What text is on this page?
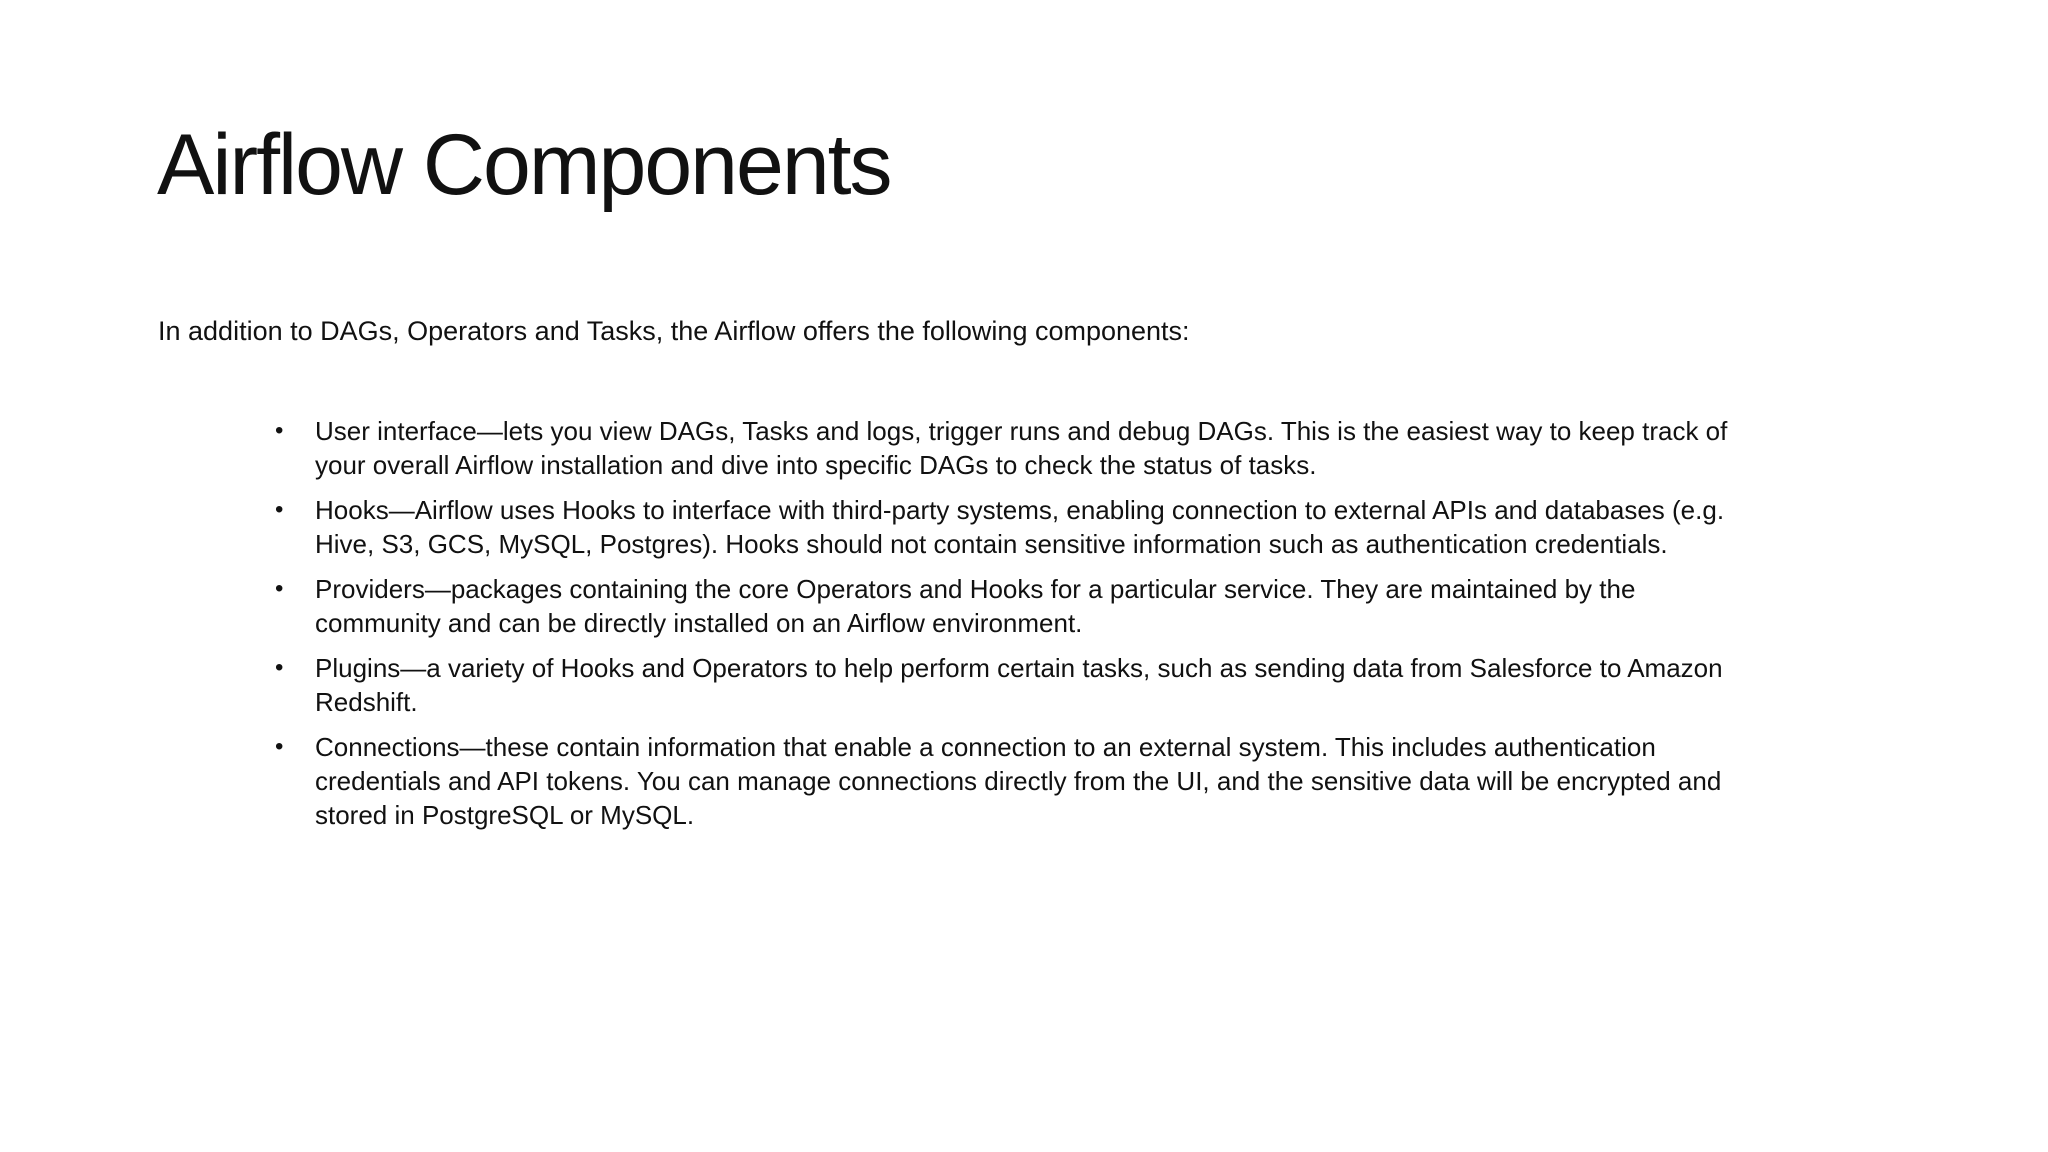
Airflow Components

In addition to DAGs, Operators and Tasks, the Airflow offers the following components:

•	User interface—lets you view DAGs, Tasks and logs, trigger runs and debug DAGs. This is the easiest way to keep track of your overall Airflow installation and dive into specific DAGs to check the status of tasks.
•	Hooks—Airflow uses Hooks to interface with third-party systems, enabling connection to external APIs and databases (e.g. Hive, S3, GCS, MySQL, Postgres). Hooks should not contain sensitive information such as authentication credentials.
•	Providers—packages containing the core Operators and Hooks for a particular service. They are maintained by the community and can be directly installed on an Airflow environment.
•	Plugins—a variety of Hooks and Operators to help perform certain tasks, such as sending data from Salesforce to Amazon Redshift.
•	Connections—these contain information that enable a connection to an external system. This includes authentication credentials and API tokens. You can manage connections directly from the UI, and the sensitive data will be encrypted and stored in PostgreSQL or MySQL.
